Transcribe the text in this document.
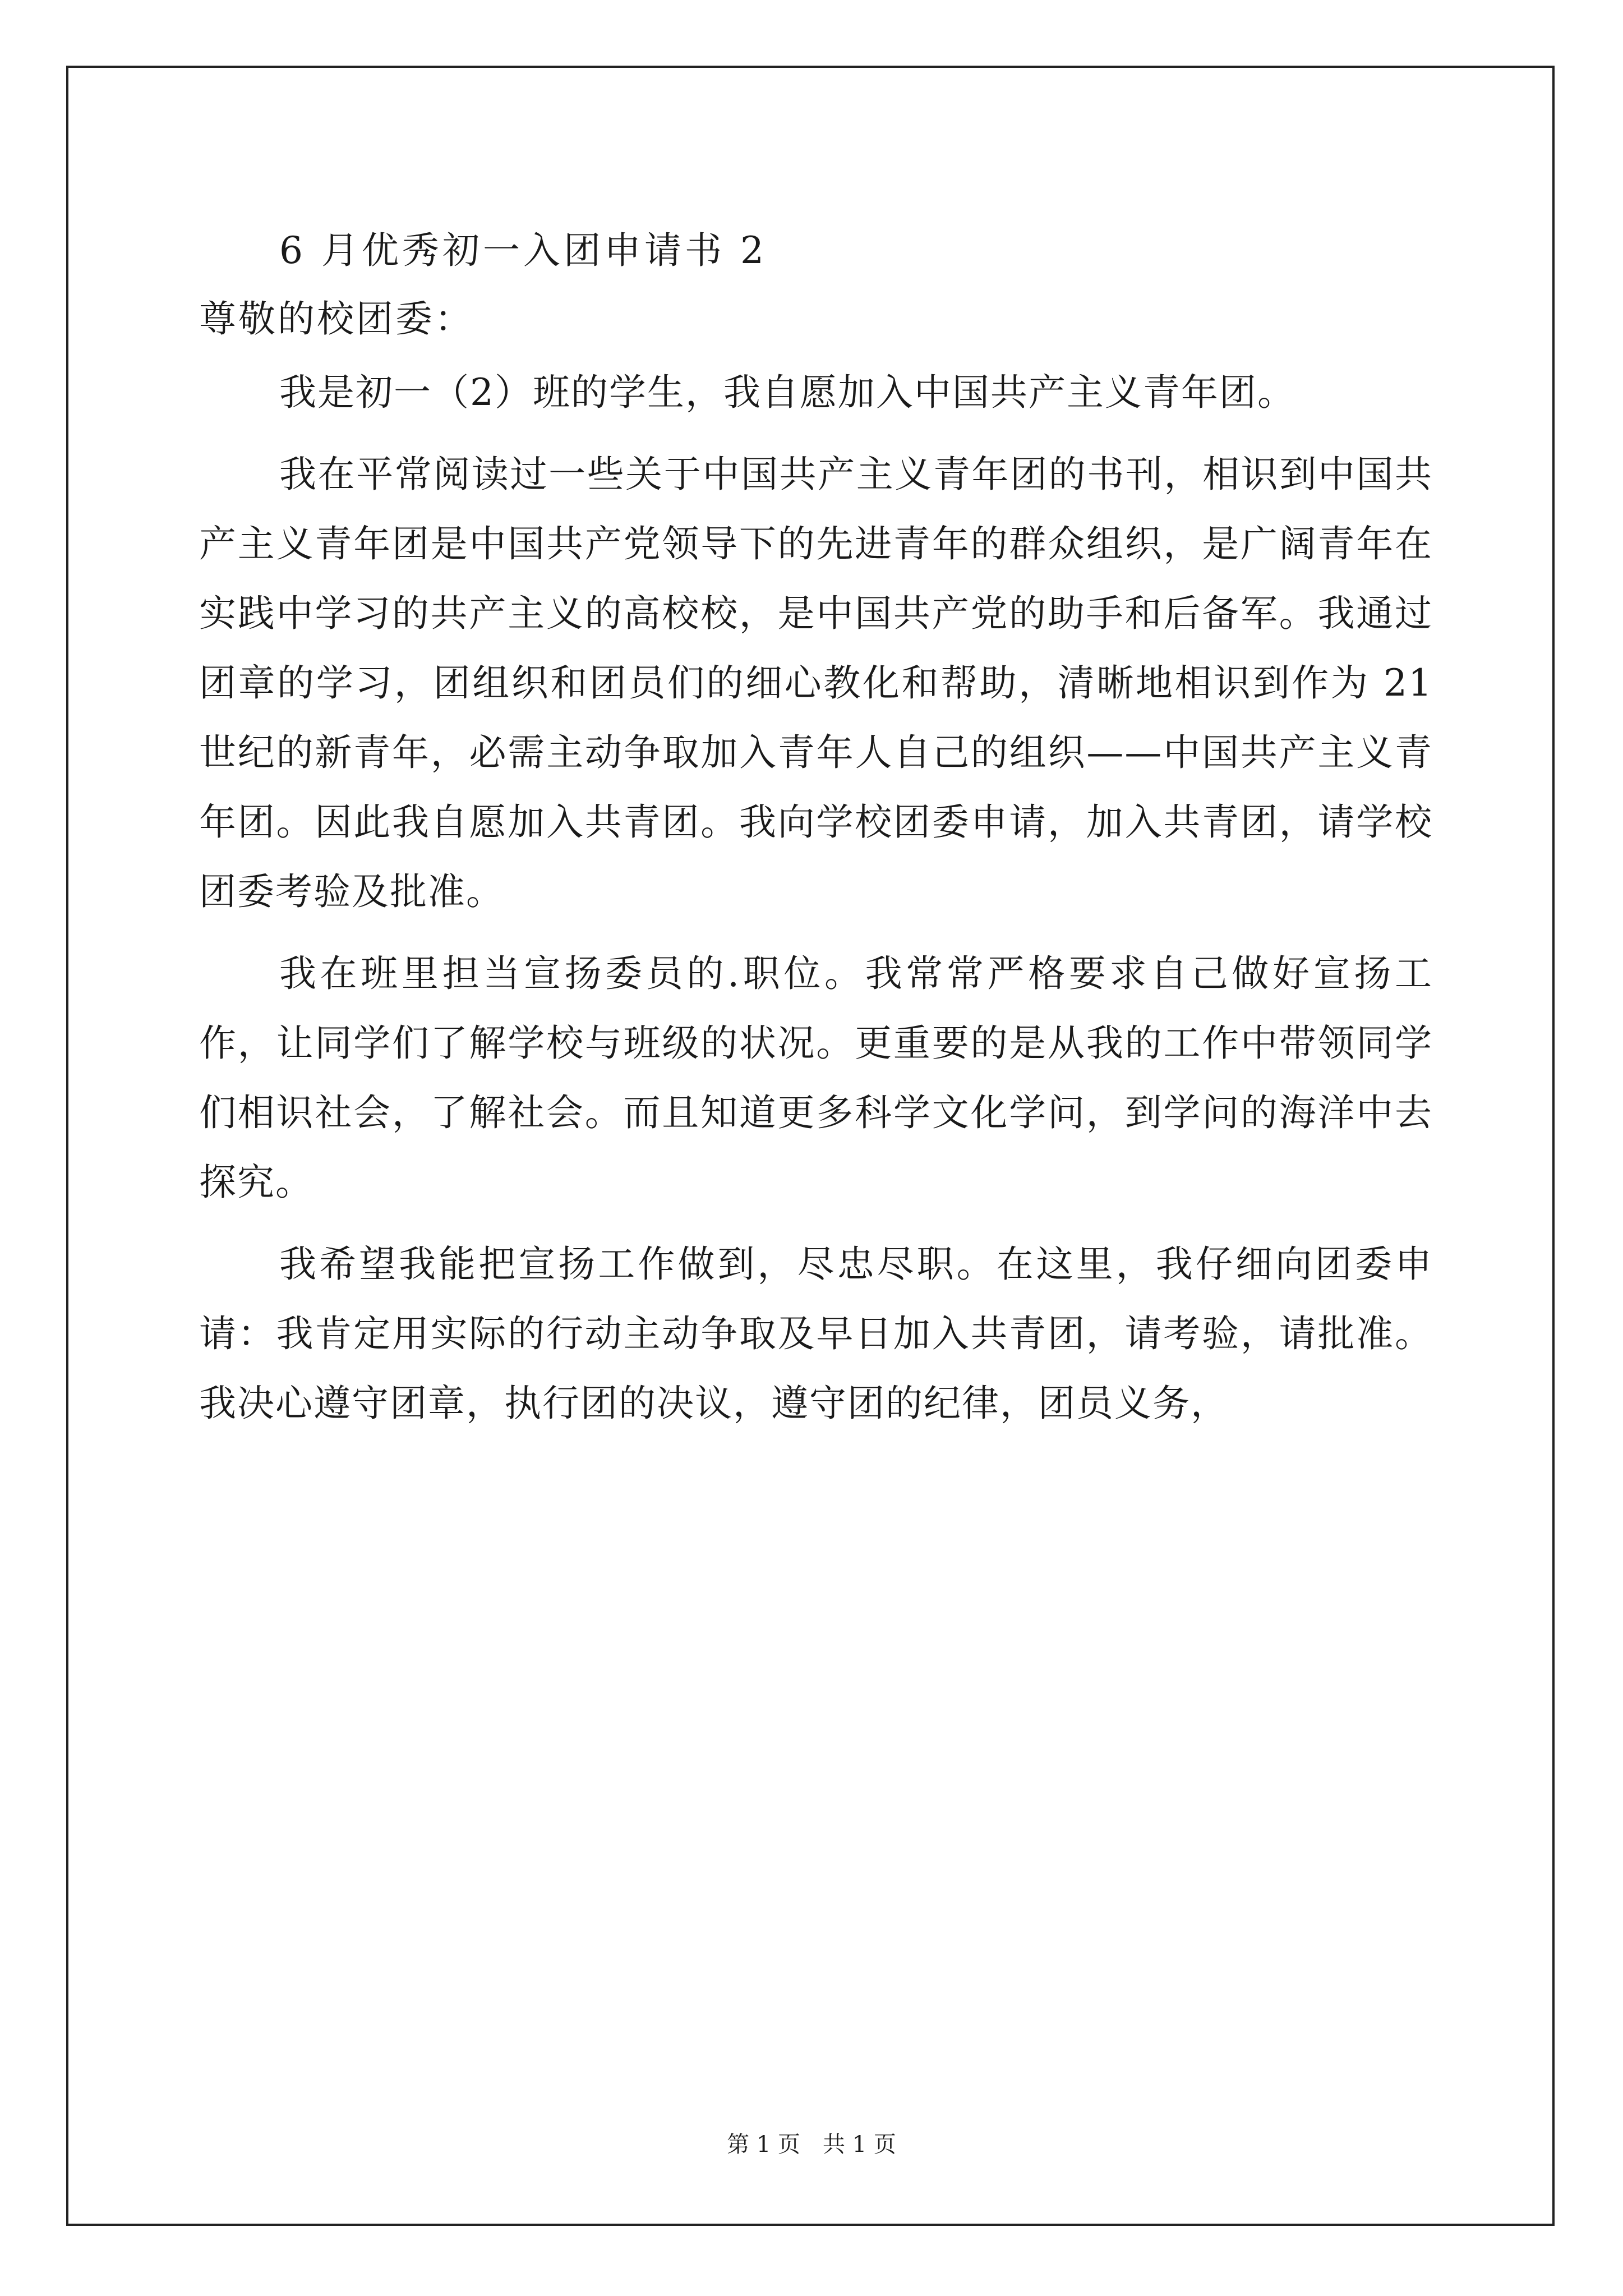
6 月优秀初一入团申请书 2
尊敬的校团委：

我是初一（2）班的学生，我自愿加入中国共产主义青年团。

我在平常阅读过一些关于中国共产主义青年团的书刊，相识到中国共产主义青年团是中国共产党领导下的先进青年的群众组织，是广阔青年在实践中学习的共产主义的高校校，是中国共产党的助手和后备军。我通过团章的学习，团组织和团员们的细心教化和帮助，清晰地相识到作为 21 世纪的新青年，必需主动争取加入青年人自己的组织——中国共产主义青年团。因此我自愿加入共青团。我向学校团委申请，加入共青团，请学校团委考验及批准。

我在班里担当宣扬委员的.职位。我常常严格要求自己做好宣扬工作，让同学们了解学校与班级的状况。更重要的是从我的工作中带领同学们相识社会，了解社会。而且知道更多科学文化学问，到学问的海洋中去探究。

我希望我能把宣扬工作做到，尽忠尽职。在这里，我仔细向团委申请：我肯定用实际的行动主动争取及早日加入共青团，请考验，请批准。我决心遵守团章，执行团的决议，遵守团的纪律，团员义务，

第 1 页　共 1 页
